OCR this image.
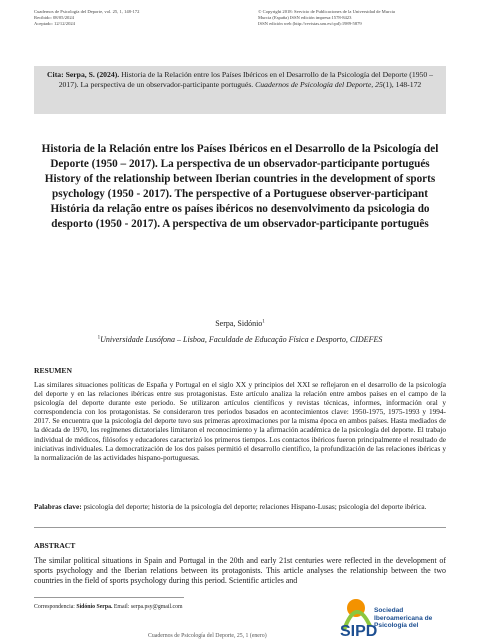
Cuadernos de Psicología del Deporte, vol. 25, 1, 148-172
Recibido: 08/05/2024
Aceptado: 12/12/2024
© Copyright 2018: Servicio de Publicaciones de la Universidad de Murcia
Murcia (España) ISSN edición impresa:1578-8423
ISSN edición web (http://revistas.um.es/cpd):1989-5879
Cita: Serpa, S. (2024). Historia de la Relación entre los Países Ibéricos en el Desarrollo de la Psicología del Deporte (1950 – 2017). La perspectiva de un observador-participante portugués. Cuadernos de Psicología del Deporte, 25(1), 148-172
Historia de la Relación entre los Países Ibéricos en el Desarrollo de la Psicología del Deporte (1950 – 2017). La perspectiva de un observador-participante portugués
History of the relationship between Iberian countries in the development of sports psychology (1950 - 2017). The perspective of a Portuguese observer-participant
História da relação entre os países ibéricos no desenvolvimento da psicologia do desporto (1950 - 2017). A perspectiva de um observador-participante português
Serpa, Sidónio$^1$
$^1$Universidade Lusófona – Lisboa, Faculdade de Educação Física e Desporto, CIDEFES
RESUMEN
Las similares situaciones políticas de España y Portugal en el siglo XX y principios del XXI se reflejaron en el desarrollo de la psicología del deporte y en las relaciones ibéricas entre sus protagonistas. Este artículo analiza la relación entre ambos países en el campo de la psicología del deporte durante este periodo. Se utilizaron artículos científicos y revistas técnicas, informes, información oral y correspondencia con los protagonistas. Se consideraron tres periodos basados en acontecimientos clave: 1950-1975, 1975-1993 y 1994-2017. Se encuentra que la psicología del deporte tuvo sus primeras aproximaciones por la misma época en ambos países. Hasta mediados de la década de 1970, los regímenes dictatoriales limitaron el reconocimiento y la afirmación académica de la psicología del deporte. El trabajo individual de médicos, filósofos y educadores caracterizó los primeros tiempos. Los contactos ibéricos fueron principalmente el resultado de iniciativas individuales. La democratización de los dos países permitió el desarrollo científico, la profundización de las relaciones ibéricas y la normalización de las actividades hispano-portuguesas.
Palabras clave: psicología del deporte; historia de la psicología del deporte; relaciones Hispano-Lusas; psicología del deporte ibérica.
ABSTRACT
The similar political situations in Spain and Portugal in the 20th and early 21st centuries were reflected in the development of sports psychology and the Iberian relations between its protagonists. This article analyses the relationship between the two countries in the field of sports psychology during this period. Scientific articles and
Correspondencia: Sidónio Serpa. Email: serpa.psy@gmail.com
Cuadernos de Psicología del Deporte, 25, 1 (enero)	SIPD
Sociedad
Iberoamericana de
Psicología del
